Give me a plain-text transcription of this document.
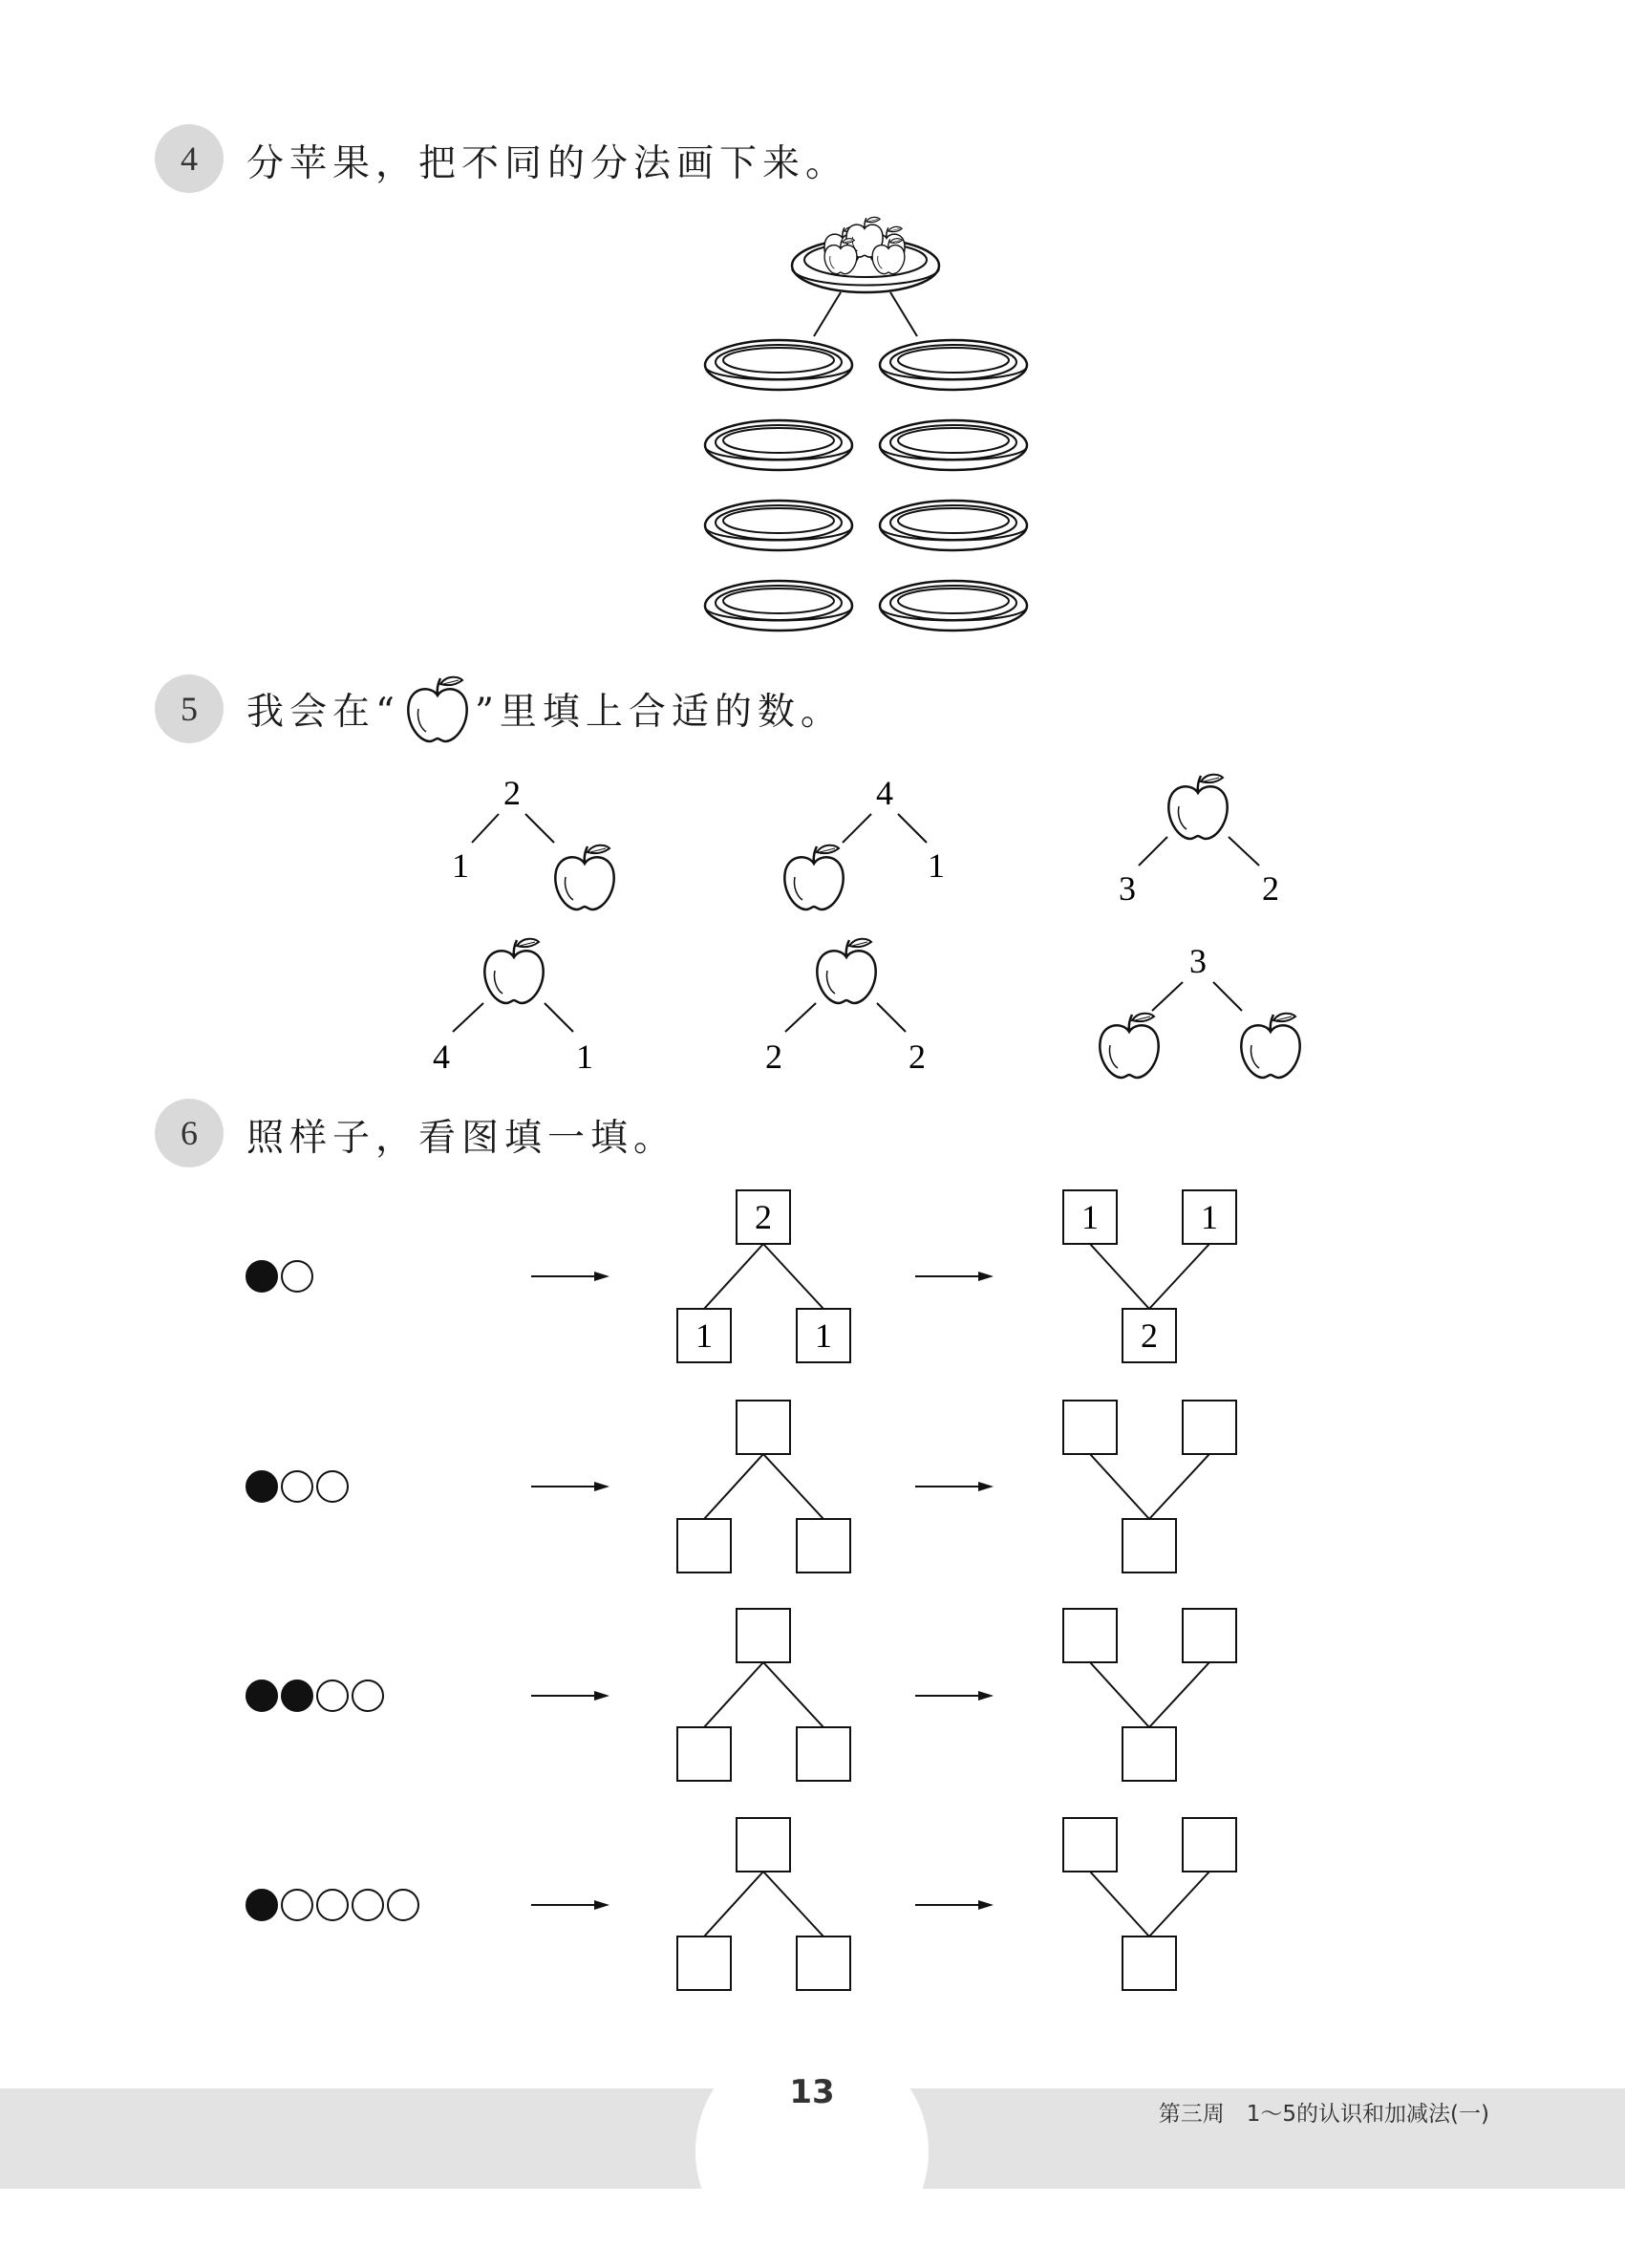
4	分苹果，把不同的分法画下来。
5	我会在“ ”里填上合适的数。
6	照样子，看图填一填。
2
1
4
1
3	2
4	1	2	2
3
2
1	1
1	1
2
13
第三周　1～5的认识和加减法(一)
